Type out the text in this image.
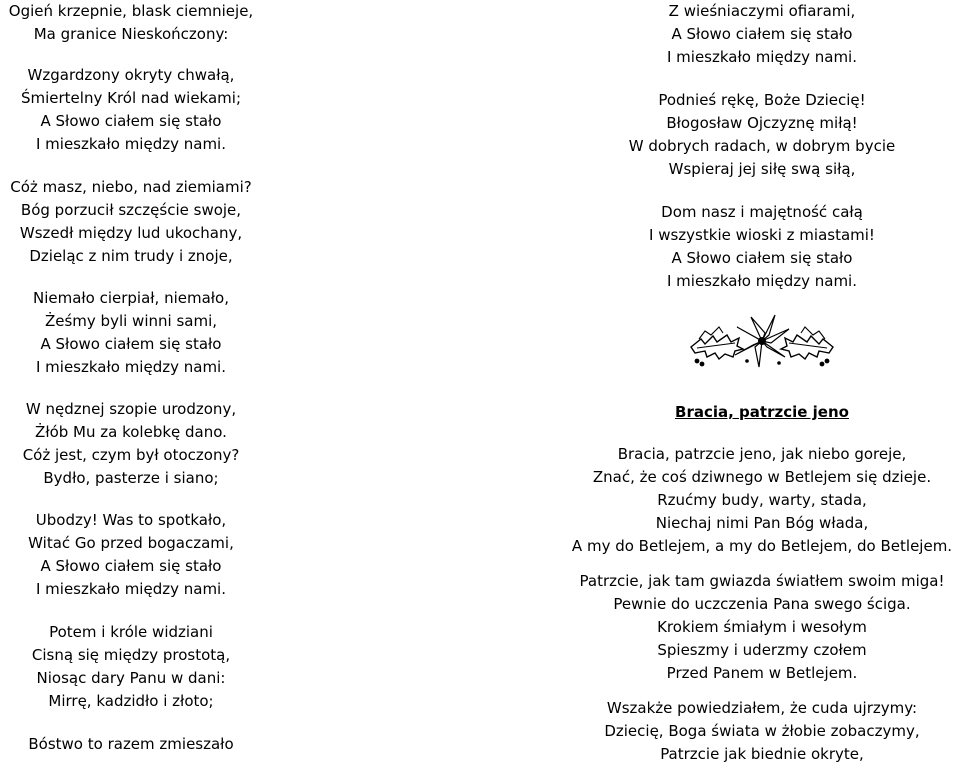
Ogień krzepnie, blask ciemnieje,
Ma granice Nieskończony:
Wzgardzony okryty chwałą,
Śmiertelny Król nad wiekami;
A Słowo ciałem się stało
I mieszkało między nami.
Cóż masz, niebo, nad ziemiami?
Bóg porzucił szczęście swoje,
Wszedł między lud ukochany,
Dzieląc z nim trudy i znoje,
Niemało cierpiał, niemało,
Żeśmy byli winni sami,
A Słowo ciałem się stało
I mieszkało między nami.
W nędznej szopie urodzony,
Żłób Mu za kolebkę dano.
Cóż jest, czym był otoczony?
Bydło, pasterze i siano;
Ubodzy! Was to spotkało,
Witać Go przed bogaczami,
A Słowo ciałem się stało
I mieszkało między nami.
Potem i króle widziani
Cisną się między prostotą,
Niosąc dary Panu w dani:
Mirrę, kadzidło i złoto;
Bóstwo to razem zmieszało
Z wieśniaczymi ofiarami,
A Słowo ciałem się stało
I mieszkało między nami.
Podnieś rękę, Boże Dziecię!
Błogosław Ojczyznę miłą!
W dobrych radach, w dobrym bycie
Wspieraj jej siłę swą siłą,
Dom nasz i majętność całą
I wszystkie wioski z miastami!
A Słowo ciałem się stało
I mieszkało między nami.
Bracia, patrzcie jeno
Bracia, patrzcie jeno, jak niebo goreje,
Znać, że coś dziwnego w Betlejem się dzieje.
Rzućmy budy, warty, stada,
Niechaj nimi Pan Bóg włada,
A my do Betlejem, a my do Betlejem, do Betlejem.
Patrzcie, jak tam gwiazda światłem swoim miga!
Pewnie do uczczenia Pana swego ściga.
Krokiem śmiałym i wesołym
Spieszmy i uderzmy czołem
Przed Panem w Betlejem.
Wszakże powiedziałem, że cuda ujrzymy:
Dziecię, Boga świata w żłobie zobaczymy,
Patrzcie jak biednie okryte,
